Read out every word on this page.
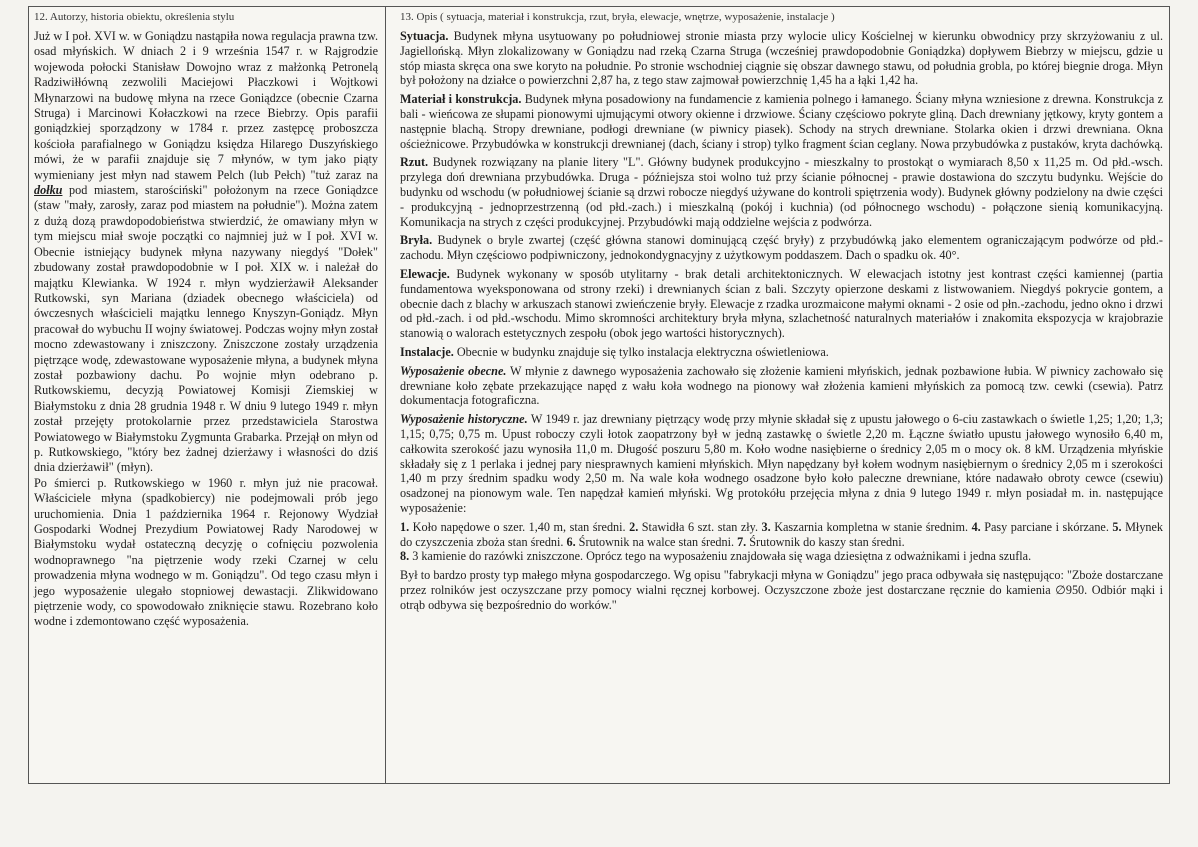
12. Autorzy, historia obiektu, określenia stylu

Już w I poł. XVI w. w Goniądzu nastąpiła nowa regulacja prawna tzw. osad młyńskich. W dniach 2 i 9 września 1547 r. w Rajgrodzie wojewoda połocki Stanisław Dowojno wraz z małżonką Petronelą Radziwiłłówną zezwolili Maciejowi Płaczkowi i Wojtkowi Młynarzowi na budowę młyna na rzece Goniądzce (obecnie Czarna Struga) i Marcinowi Kołaczkowi na rzece Biebrzy. Opis parafii goniądzkiej sporządzony w 1784 r. przez zastępcę proboszcza kościoła parafialnego w Goniądzu księdza Hilarego Duszyńskiego mówi, że w parafii znajduje się 7 młynów, w tym jako piąty wymieniany jest młyn nad stawem Pelch (lub Pełch) "tuż zaraz na dołku pod miastem, starościński" położonym na rzece Goniądzce (staw "mały, zarosły, zaraz pod miastem na południe"). Można zatem z dużą dozą prawdopodobieństwa stwierdzić, że omawiany młyn w tym miejscu miał swoje początki co najmniej już w I poł. XVI w. Obecnie istniejący budynek młyna nazywany niegdyś "Dołek" zbudowany został prawdopodobnie w I poł. XIX w. i należał do majątku Klewianka. W 1924 r. młyn wydzierżawił Aleksander Rutkowski, syn Mariana (dziadek obecnego właściciela) od ówczesnych właścicieli majątku lennego Knyszyn-Goniądz. Młyn pracował do wybuchu II wojny światowej. Podczas wojny młyn został mocno zdewastowany i zniszczony. Zniszczone zostały urządzenia piętrzące wodę, zdewastowane wyposażenie młyna, a budynek młyna został pozbawiony dachu. Po wojnie młyn odebrano p. Rutkowskiemu, decyzją Powiatowej Komisji Ziemskiej w Białymstoku z dnia 28 grudnia 1948 r. W dniu 9 lutego 1949 r. młyn został przejęty protokolarnie przez przedstawiciela Starostwa Powiatowego w Białymstoku Zygmunta Grabarka. Przejął on młyn od p. Rutkowskiego, "który bez żadnej dzierżawy i własności do dziś dnia dzierżawił" (młyn).

Po śmierci p. Rutkowskiego w 1960 r. młyn już nie pracował. Właściciele młyna (spadkobiercy) nie podejmowali prób jego uruchomienia. Dnia 1 października 1964 r. Rejonowy Wydział Gospodarki Wodnej Prezydium Powiatowej Rady Narodowej w Białymstoku wydał ostateczną decyzję o cofnięciu pozwolenia wodnoprawnego "na piętrzenie wody rzeki Czarnej w celu prowadzenia młyna wodnego w m. Goniądzu". Od tego czasu młyn i jego wyposażenie ulegało stopniowej dewastacji. Zlikwidowano piętrzenie wody, co spowodowało zniknięcie stawu. Rozebrano koło wodne i zdemontowano część wyposażenia.

13. Opis ( sytuacja, materiał i konstrukcja, rzut, bryła, elewacje, wnętrze, wyposażenie, instalacje )

Sytuacja. Budynek młyna usytuowany po południowej stronie miasta przy wylocie ulicy Kościelnej w kierunku obwodnicy przy skrzyżowaniu z ul. Jagiellońską. Młyn zlokalizowany w Goniądzu nad rzeką Czarna Struga (wcześniej prawdopodobnie Goniądzka) dopływem Biebrzy w miejscu, gdzie u stóp miasta skręca ona swe koryto na południe. Po stronie wschodniej ciągnie się obszar dawnego stawu, od południa grobla, po której biegnie droga. Młyn był położony na działce o powierzchni 2,87 ha, z tego staw zajmował powierzchnię 1,45 ha a łąki 1,42 ha.

Materiał i konstrukcja. Budynek młyna posadowiony na fundamencie z kamienia polnego i łamanego. Ściany młyna wzniesione z drewna. Konstrukcja z bali - wieńcowa ze słupami pionowymi ujmującymi otwory okienne i drzwiowe. Ściany częściowo pokryte gliną. Dach drewniany jętkowy, kryty gontem a następnie blachą. Stropy drewniane, podłogi drewniane (w piwnicy piasek). Schody na strych drewniane. Stolarka okien i drzwi drewniana. Okna ościeżnicowe. Przybudówka w konstrukcji drewnianej (dach, ściany i strop) tylko fragment ścian ceglany. Nowa przybudówka z pustaków, kryta dachówką.

Rzut. Budynek rozwiązany na planie litery "L". Główny budynek produkcyjno - mieszkalny to prostokąt o wymiarach 8,50 x 11,25 m. Od płd.-wsch. przylega doń drewniana przybudówka. Druga - późniejsza stoi wolno tuż przy ścianie północnej - prawie dostawiona do szczytu budynku. Wejście do budynku od wschodu (w południowej ścianie są drzwi robocze niegdyś używane do kontroli spiętrzenia wody). Budynek główny podzielony na dwie części - produkcyjną - jednoprzestrzenną (od płd.-zach.) i mieszkalną (pokój i kuchnia) (od północnego wschodu) - połączone sienią komunikacyjną. Komunikacja na strych z części produkcyjnej. Przybudówki mają oddzielne wejścia z podwórza.

Bryła. Budynek o bryle zwartej (część główna stanowi dominującą część bryły) z przybudówką jako elementem ograniczającym podwórze od płd.-zachodu. Młyn częściowo podpiwniczony, jednokondygnacyjny z użytkowym poddaszem. Dach o spadku ok. 40°.

Elewacje. Budynek wykonany w sposób utylitarny - brak detali architektonicznych. W elewacjach istotny jest kontrast części kamiennej (partia fundamentowa wyeksponowana od strony rzeki) i drewnianych ścian z bali. Szczyty opierzone deskami z listwowaniem. Niegdyś pokrycie gontem, a obecnie dach z blachy w arkuszach stanowi zwieńczenie bryły. Elewacje z rzadka urozmaicone małymi oknami - 2 osie od płn.-zachodu, jedno okno i drzwi od płd.-zach. i od płd.-wschodu. Mimo skromności architektury bryła młyna, szlachetność naturalnych materiałów i znakomita ekspozycja w krajobrazie stanowią o walorach estetycznych zespołu (obok jego wartości historycznych).

Instalacje. Obecnie w budynku znajduje się tylko instalacja elektryczna oświetleniowa.

Wyposażenie obecne. W młynie z dawnego wyposażenia zachowało się złożenie kamieni młyńskich, jednak pozbawione łubia. W piwnicy zachowało się drewniane koło zębate przekazujące napęd z wału koła wodnego na pionowy wał złożenia kamieni młyńskich za pomocą tzw. cewki (csewia). Patrz dokumentacja fotograficzna.

Wyposażenie historyczne. W 1949 r. jaz drewniany piętrzący wodę przy młynie składał się z upustu jałowego o 6-ciu zastawkach o świetle 1,25; 1,20; 1,3; 1,15; 0,75; 0,75 m. Upust roboczy czyli łotok zaopatrzony był w jedną zastawkę o świetle 2,20 m. Łączne światło upustu jałowego wynosiło 6,40 m, całkowita szerokość jazu wynosiła 11,0 m. Długość poszuru 5,80 m. Koło wodne nasiębierne o średnicy 2,05 m o mocy ok. 8 kM. Urządzenia młyńskie składały się z 1 perlaka i jednej pary niesprawnych kamieni młyńskich. Młyn napędzany był kołem wodnym nasiębiernym o średnicy 2,05 m i szerokości 1,40 m przy średnim spadku wody 2,50 m. Na wale koła wodnego osadzone było koło paleczne drewniane, które nadawało obroty cewce (csewiu) osadzonej na pionowym wale. Ten napędzał kamień młyński. Wg protokółu przejęcia młyna z dnia 9 lutego 1949 r. młyn posiadał m. in. następujące wyposażenie:

1. Koło napędowe o szer. 1,40 m, stan średni. 2. Stawidła 6 szt. stan zły. 3. Kaszarnia kompletna w stanie średnim. 4. Pasy parciane i skórzane. 5. Młynek do czyszczenia zboża stan średni. 6. Śrutownik na walce stan średni. 7. Śrutownik do kaszy stan średni.

8. 3 kamienie do razówki zniszczone. Oprócz tego na wyposażeniu znajdowała się waga dziesiętna z odważnikami i jedna szufla.

Był to bardzo prosty typ małego młyna gospodarczego. Wg opisu "fabrykacji młyna w Goniądzu" jego praca odbywała się następująco: "Zboże dostarczane przez rolników jest oczyszczane przy pomocy wialni ręcznej korbowej. Oczyszczone zboże jest dostarczane ręcznie do kamienia ∅950. Odbiór mąki i otrąb odbywa się bezpośrednio do worków."
